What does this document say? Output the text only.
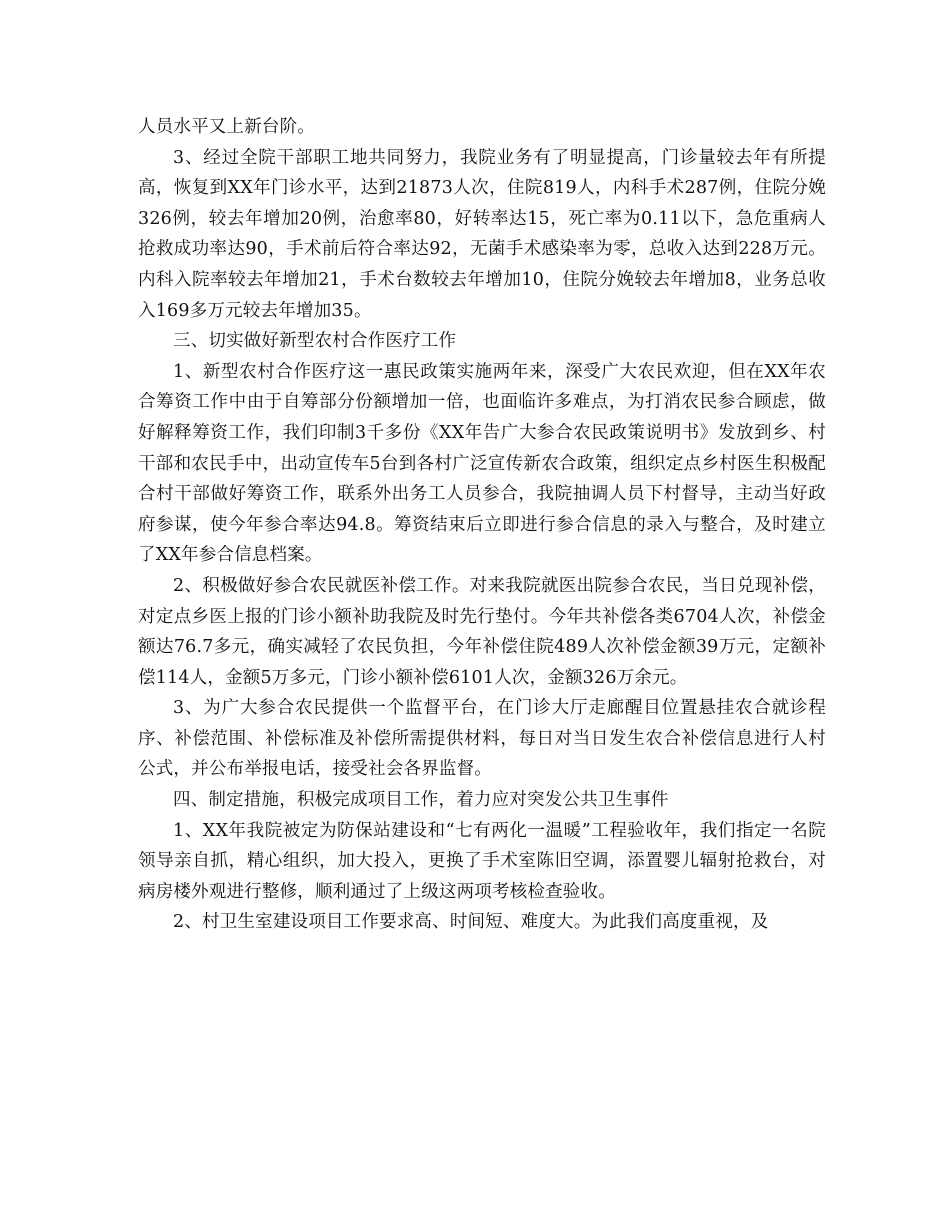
人员水平又上新台阶。

3、经过全院干部职工地共同努力，我院业务有了明显提高，门诊量较去年有所提高，恢复到XX年门诊水平，达到21873人次，住院819人，内科手术287例，住院分娩326例，较去年增加20例，治愈率80，好转率达15，死亡率为0.11以下，急危重病人抢救成功率达90，手术前后符合率达92，无菌手术感染率为零，总收入达到228万元。内科入院率较去年增加21，手术台数较去年增加10，住院分娩较去年增加8，业务总收入169多万元较去年增加35。

三、切实做好新型农村合作医疗工作

1、新型农村合作医疗这一惠民政策实施两年来，深受广大农民欢迎，但在XX年农合筹资工作中由于自筹部分份额增加一倍，也面临许多难点，为打消农民参合顾虑，做好解释筹资工作，我们印制3千多份《XX年告广大参合农民政策说明书》发放到乡、村干部和农民手中，出动宣传车5台到各村广泛宣传新农合政策，组织定点乡村医生积极配合村干部做好筹资工作，联系外出务工人员参合，我院抽调人员下村督导，主动当好政府参谋，使今年参合率达94.8。筹资结束后立即进行参合信息的录入与整合，及时建立了XX年参合信息档案。

2、积极做好参合农民就医补偿工作。对来我院就医出院参合农民，当日兑现补偿，对定点乡医上报的门诊小额补助我院及时先行垫付。今年共补偿各类6704人次，补偿金额达76.7多元，确实减轻了农民负担，今年补偿住院489人次补偿金额39万元，定额补偿114人，金额5万多元，门诊小额补偿6101人次，金额326万余元。

3、为广大参合农民提供一个监督平台，在门诊大厅走廊醒目位置悬挂农合就诊程序、补偿范围、补偿标准及补偿所需提供材料，每日对当日发生农合补偿信息进行人村公式，并公布举报电话，接受社会各界监督。

四、制定措施，积极完成项目工作，着力应对突发公共卫生事件

1、XX年我院被定为防保站建设和“七有两化一温暖”工程验收年，我们指定一名院领导亲自抓，精心组织，加大投入，更换了手术室陈旧空调，添置婴儿辐射抢救台，对病房楼外观进行整修，顺利通过了上级这两项考核检查验收。

2、村卫生室建设项目工作要求高、时间短、难度大。为此我们高度重视，及
